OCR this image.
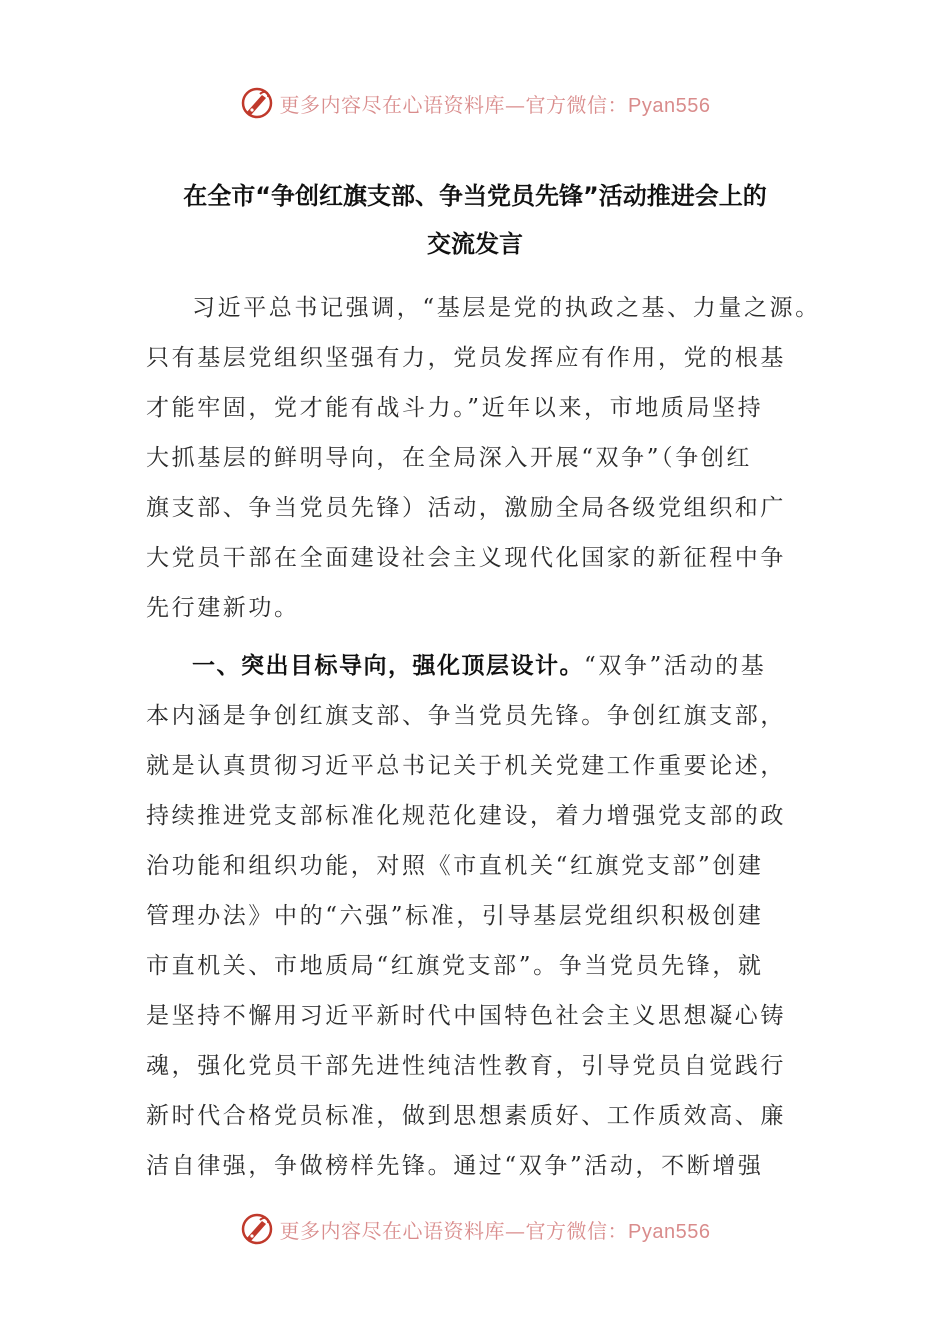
更多内容尽在心语资料库—官方微信：Pyan556
在全市“争创红旗支部、争当党员先锋”活动推进会上的
交流发言
习近平总书记强调，“基层是党的执政之基、力量之源。
只有基层党组织坚强有力，党员发挥应有作用，党的根基
才能牢固，党才能有战斗力。”近年以来，市地质局坚持
大抓基层的鲜明导向，在全局深入开展“双争”（争创红
旗支部、争当党员先锋）活动，激励全局各级党组织和广
大党员干部在全面建设社会主义现代化国家的新征程中争
先行建新功。
一、突出目标导向，强化顶层设计。“双争”活动的基
本内涵是争创红旗支部、争当党员先锋。争创红旗支部，
就是认真贯彻习近平总书记关于机关党建工作重要论述，
持续推进党支部标准化规范化建设，着力增强党支部的政
治功能和组织功能，对照《市直机关“红旗党支部”创建
管理办法》中的“六强”标准，引导基层党组织积极创建
市直机关、市地质局“红旗党支部”。争当党员先锋，就
是坚持不懈用习近平新时代中国特色社会主义思想凝心铸
魂，强化党员干部先进性纯洁性教育，引导党员自觉践行
新时代合格党员标准，做到思想素质好、工作质效高、廉
洁自律强，争做榜样先锋。通过“双争”活动，不断增强
更多内容尽在心语资料库—官方微信：Pyan556
